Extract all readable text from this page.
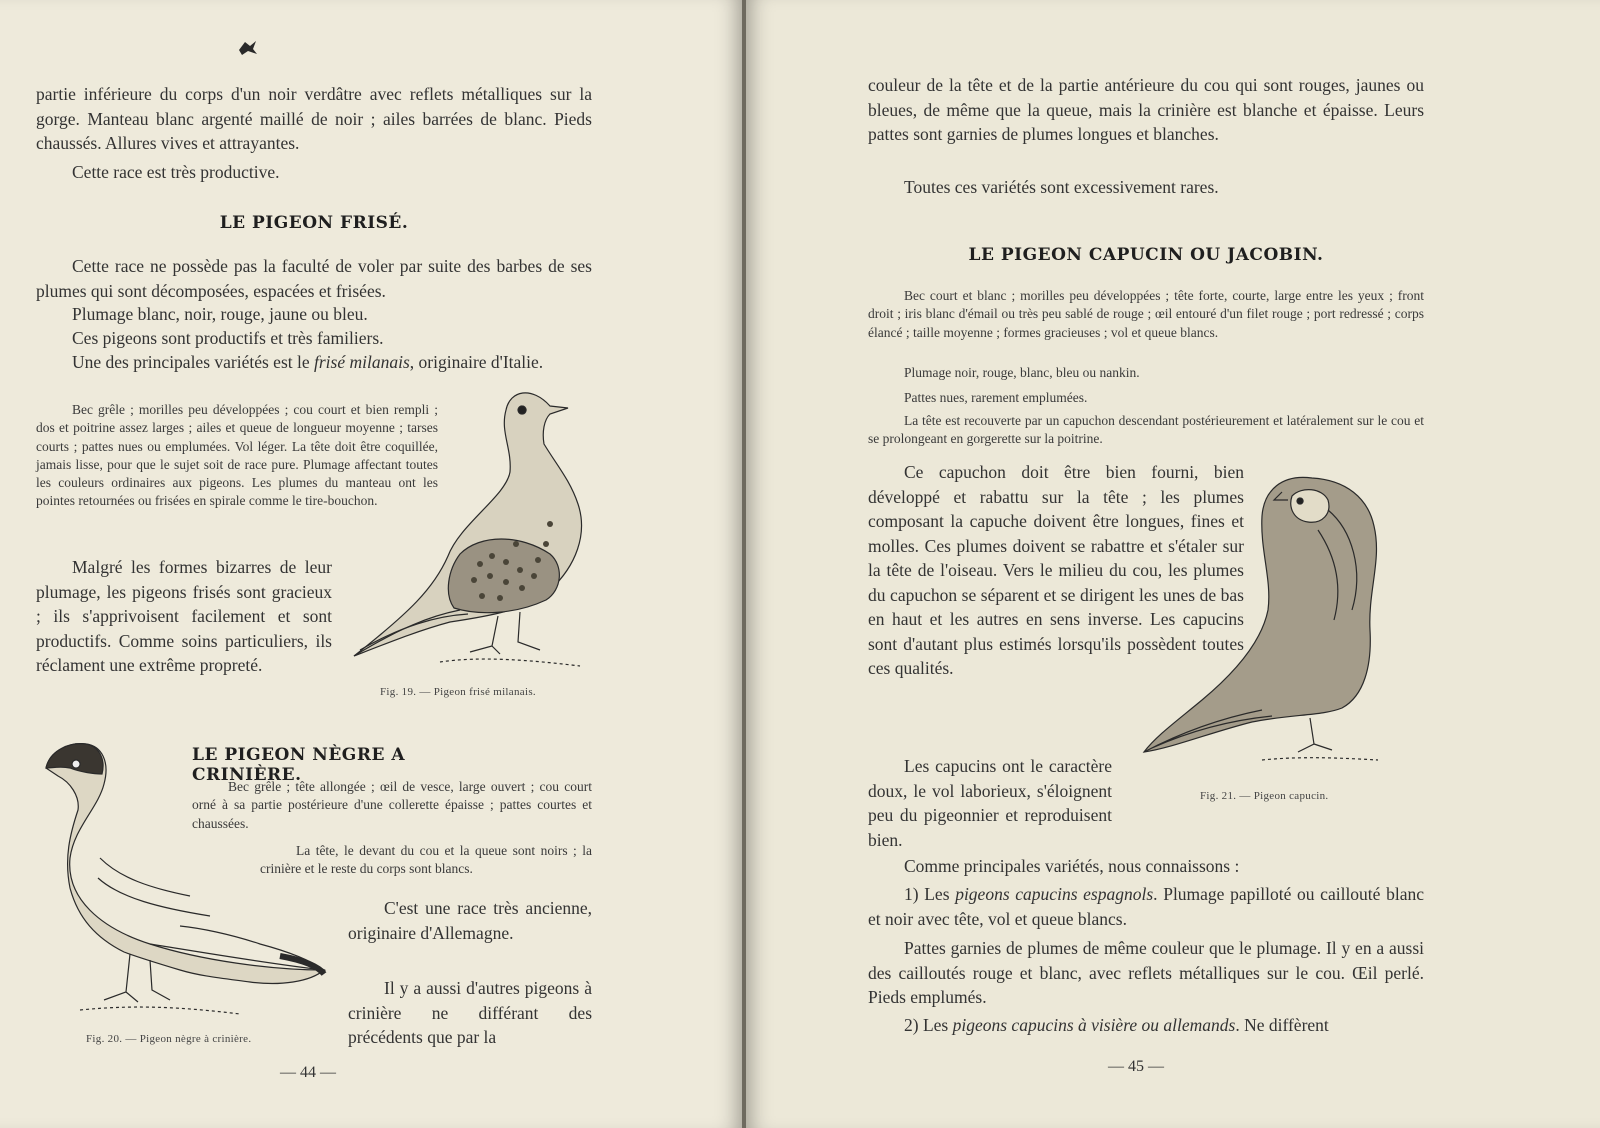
partie inférieure du corps d'un noir verdâtre avec reflets métalliques sur la gorge. Manteau blanc argenté maillé de noir ; ailes barrées de blanc. Pieds chaussés. Allures vives et attrayantes.

Cette race est très productive.

LE PIGEON FRISÉ.

Cette race ne possède pas la faculté de voler par suite des barbes de ses plumes qui sont décomposées, espacées et frisées.

Plumage blanc, noir, rouge, jaune ou bleu.

Ces pigeons sont productifs et très familiers.

Une des principales variétés est le frisé milanais, originaire d'Italie.

Bec grêle ; morilles peu développées ; cou court et bien rempli ; dos et poitrine assez larges ; ailes et queue de longueur moyenne ; tarses courts ; pattes nues ou emplumées. Vol léger. La tête doit être coquillée, jamais lisse, pour que le sujet soit de race pure. Plumage affectant toutes les couleurs ordinaires aux pigeons. Les plumes du manteau ont les pointes retournées ou frisées en spirale comme le tire-bouchon.

Malgré les formes bizarres de leur plumage, les pigeons frisés sont gracieux ; ils s'apprivoisent facilement et sont productifs. Comme soins particuliers, ils réclament une extrême propreté.

Fig. 19. — Pigeon frisé milanais.
LE PIGEON NÈGRE A CRINIÈRE.

Bec grêle ; tête allongée ; œil de vesce, large ouvert ; cou court orné à sa partie postérieure d'une collerette épaisse ; pattes courtes et chaussées.

La tête, le devant du cou et la queue sont noirs ; la crinière et le reste du corps sont blancs.

Fig. 20. — Pigeon nègre à crinière.

C'est une race très ancienne, originaire d'Allemagne.

Il y a aussi d'autres pigeons à crinière ne différant des précédents que par la

— 44 —

couleur de la tête et de la partie antérieure du cou qui sont rouges, jaunes ou bleues, de même que la queue, mais la crinière est blanche et épaisse. Leurs pattes sont garnies de plumes longues et blanches.

Toutes ces variétés sont excessivement rares.

LE PIGEON CAPUCIN OU JACOBIN.

Bec court et blanc ; morilles peu développées ; tête forte, courte, large entre les yeux ; front droit ; iris blanc d'émail ou très peu sablé de rouge ; œil entouré d'un filet rouge ; port redressé ; corps élancé ; taille moyenne ; formes gracieuses ; vol et queue blancs.

Plumage noir, rouge, blanc, bleu ou nankin.

Pattes nues, rarement emplumées.

La tête est recouverte par un capuchon descendant postérieurement et latéralement sur le cou et se prolongeant en gorgerette sur la poitrine.

Ce capuchon doit être bien fourni, bien développé et rabattu sur la tête ; les plumes composant la capuche doivent être longues, fines et molles. Ces plumes doivent se rabattre et s'étaler sur la tête de l'oiseau. Vers le milieu du cou, les plumes du capuchon se séparent et se dirigent les unes de bas en haut et les autres en sens inverse. Les capucins sont d'autant plus estimés lorsqu'ils possèdent toutes ces qualités.

Les capucins ont le caractère doux, le vol laborieux, s'éloignent peu du pigeonnier et reproduisent bien.

Fig. 21. — Pigeon capucin.

Comme principales variétés, nous connaissons :

1) Les pigeons capucins espagnols. Plumage papilloté ou caillouté blanc et noir avec tête, vol et queue blancs.

Pattes garnies de plumes de même couleur que le plumage. Il y en a aussi des cailloutés rouge et blanc, avec reflets métalliques sur le cou. Œil perlé. Pieds emplumés.

2) Les pigeons capucins à visière ou allemands. Ne diffèrent

— 45 —
